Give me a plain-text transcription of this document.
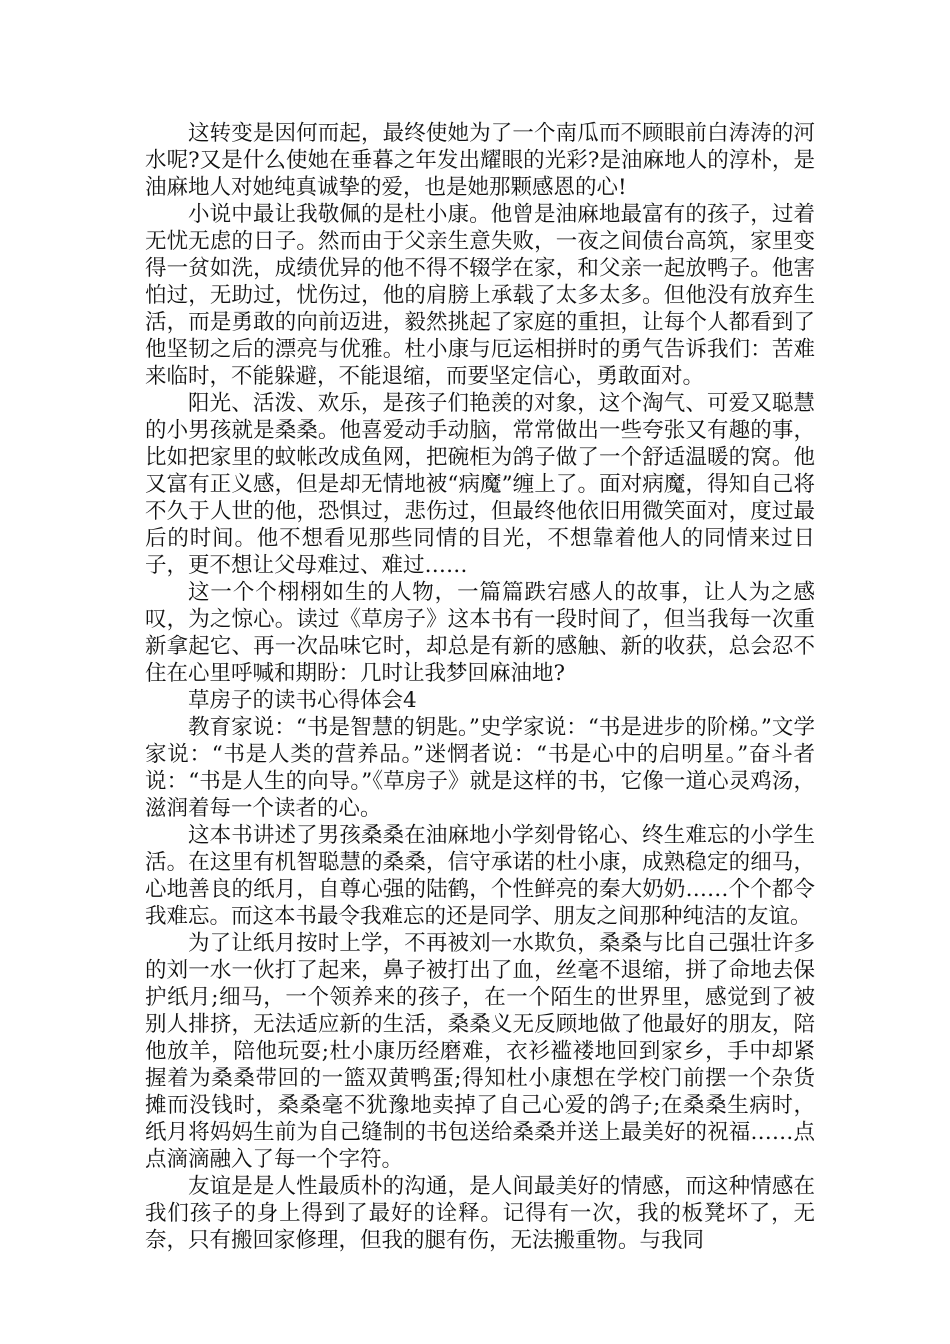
这转变是因何而起，最终使她为了一个南瓜而不顾眼前白涛涛的河水呢?又是什么使她在垂暮之年发出耀眼的光彩?是油麻地人的淳朴，是油麻地人对她纯真诚挚的爱，也是她那颗感恩的心!

小说中最让我敬佩的是杜小康。他曾是油麻地最富有的孩子，过着无忧无虑的日子。然而由于父亲生意失败，一夜之间债台高筑，家里变得一贫如洗，成绩优异的他不得不辍学在家，和父亲一起放鸭子。他害怕过，无助过，忧伤过，他的肩膀上承载了太多太多。但他没有放弃生活，而是勇敢的向前迈进，毅然挑起了家庭的重担，让每个人都看到了他坚韧之后的漂亮与优雅。杜小康与厄运相拼时的勇气告诉我们：苦难来临时，不能躲避，不能退缩，而要坚定信心，勇敢面对。

阳光、活泼、欢乐，是孩子们艳羡的对象，这个淘气、可爱又聪慧的小男孩就是桑桑。他喜爱动手动脑，常常做出一些夸张又有趣的事，比如把家里的蚊帐改成鱼网，把碗柜为鸽子做了一个舒适温暖的窝。他又富有正义感，但是却无情地被“病魔”缠上了。面对病魔，得知自己将不久于人世的他，恐惧过，悲伤过，但最终他依旧用微笑面对，度过最后的时间。他不想看见那些同情的目光，不想靠着他人的同情来过日子，更不想让父母难过、难过……

这一个个栩栩如生的人物，一篇篇跌宕感人的故事，让人为之感叹，为之惊心。读过《草房子》这本书有一段时间了，但当我每一次重新拿起它、再一次品味它时，却总是有新的感触、新的收获，总会忍不住在心里呼喊和期盼：几时让我梦回麻油地?

草房子的读书心得体会4

教育家说：“书是智慧的钥匙。”史学家说：“书是进步的阶梯。”文学家说：“书是人类的营养品。”迷惘者说：“书是心中的启明星。”奋斗者说：“书是人生的向导。”《草房子》就是这样的书，它像一道心灵鸡汤，滋润着每一个读者的心。

这本书讲述了男孩桑桑在油麻地小学刻骨铭心、终生难忘的小学生活。在这里有机智聪慧的桑桑，信守承诺的杜小康，成熟稳定的细马，心地善良的纸月，自尊心强的陆鹤，个性鲜亮的秦大奶奶……个个都令我难忘。而这本书最令我难忘的还是同学、朋友之间那种纯洁的友谊。

为了让纸月按时上学，不再被刘一水欺负，桑桑与比自己强壮许多的刘一水一伙打了起来，鼻子被打出了血，丝毫不退缩，拼了命地去保护纸月;细马，一个领养来的孩子，在一个陌生的世界里，感觉到了被别人排挤，无法适应新的生活，桑桑义无反顾地做了他最好的朋友，陪他放羊，陪他玩耍;杜小康历经磨难，衣衫褴褛地回到家乡，手中却紧握着为桑桑带回的一篮双黄鸭蛋;得知杜小康想在学校门前摆一个杂货摊而没钱时，桑桑毫不犹豫地卖掉了自己心爱的鸽子;在桑桑生病时，纸月将妈妈生前为自己缝制的书包送给桑桑并送上最美好的祝福……点点滴滴融入了每一个字符。

友谊是是人性最质朴的沟通，是人间最美好的情感，而这种情感在我们孩子的身上得到了最好的诠释。记得有一次，我的板凳坏了，无奈，只有搬回家修理，但我的腿有伤，无法搬重物。与我同
